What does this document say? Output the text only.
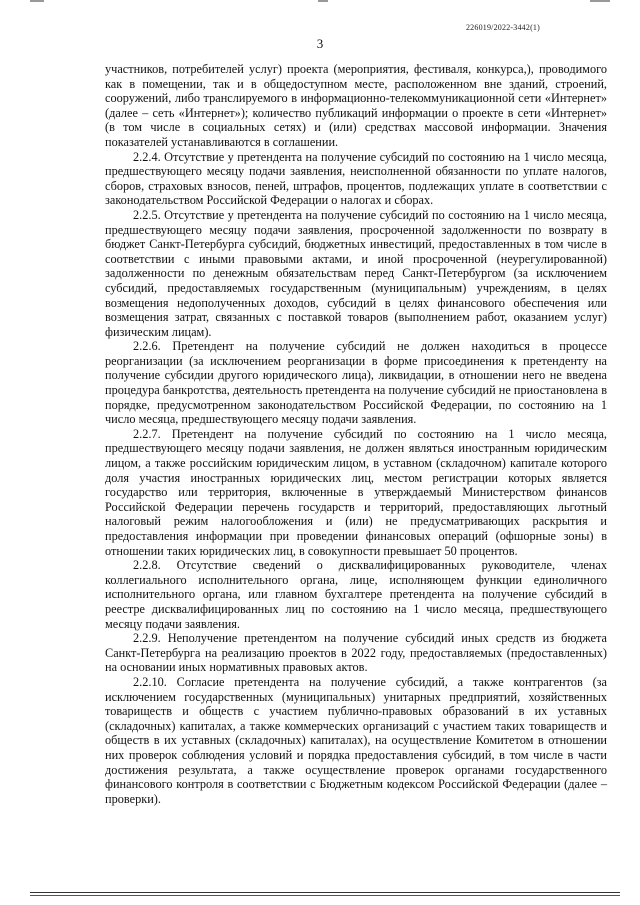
226019/2022-3442(1)
3

участников, потребителей услуг) проекта (мероприятия, фестиваля, конкурса,), проводимого как в помещении, так и в общедоступном месте, расположенном вне зданий, строений, сооружений, либо транслируемого в информационно-телекоммуникационной сети «Интернет» (далее – сеть «Интернет»); количество публикаций информации о проекте в сети «Интернет» (в том числе в социальных сетях) и (или) средствах массовой информации. Значения показателей устанавливаются в соглашении.

2.2.4. Отсутствие у претендента на получение субсидий по состоянию на 1 число месяца, предшествующего месяцу подачи заявления, неисполненной обязанности по уплате налогов, сборов, страховых взносов, пеней, штрафов, процентов, подлежащих уплате в соответствии с законодательством Российской Федерации о налогах и сборах.

2.2.5. Отсутствие у претендента на получение субсидий по состоянию на 1 число месяца, предшествующего месяцу подачи заявления, просроченной задолженности по возврату в бюджет Санкт-Петербурга субсидий, бюджетных инвестиций, предоставленных в том числе в соответствии с иными правовыми актами, и иной просроченной (неурегулированной) задолженности по денежным обязательствам перед Санкт-Петербургом (за исключением субсидий, предоставляемых государственным (муниципальным) учреждениям, в целях возмещения недополученных доходов, субсидий в целях финансового обеспечения или возмещения затрат, связанных с поставкой товаров (выполнением работ, оказанием услуг) физическим лицам).

2.2.6. Претендент на получение субсидий не должен находиться в процессе реорганизации (за исключением реорганизации в форме присоединения к претенденту на получение субсидии другого юридического лица), ликвидации, в отношении него не введена процедура банкротства, деятельность претендента на получение субсидий не приостановлена в порядке, предусмотренном законодательством Российской Федерации, по состоянию на 1 число месяца, предшествующего месяцу подачи заявления.

2.2.7. Претендент на получение субсидий по состоянию на 1 число месяца, предшествующего месяцу подачи заявления, не должен являться иностранным юридическим лицом, а также российским юридическим лицом, в уставном (складочном) капитале которого доля участия иностранных юридических лиц, местом регистрации которых является государство или территория, включенные в утверждаемый Министерством финансов Российской Федерации перечень государств и территорий, предоставляющих льготный налоговый режим налогообложения и (или) не предусматривающих раскрытия и предоставления информации при проведении финансовых операций (офшорные зоны) в отношении таких юридических лиц, в совокупности превышает 50 процентов.

2.2.8. Отсутствие сведений о дисквалифицированных руководителе, членах коллегиального исполнительного органа, лице, исполняющем функции единоличного исполнительного органа, или главном бухгалтере претендента на получение субсидий в реестре дисквалифицированных лиц по состоянию на 1 число месяца, предшествующего месяцу подачи заявления.

2.2.9. Неполучение претендентом на получение субсидий иных средств из бюджета Санкт-Петербурга на реализацию проектов в 2022 году, предоставляемых (предоставленных) на основании иных нормативных правовых актов.

2.2.10. Согласие претендента на получение субсидий, а также контрагентов (за исключением государственных (муниципальных) унитарных предприятий, хозяйственных товариществ и обществ с участием публично-правовых образований в их уставных (складочных) капиталах, а также коммерческих организаций с участием таких товариществ и обществ в их уставных (складочных) капиталах), на осуществление Комитетом в отношении них проверок соблюдения условий и порядка предоставления субсидий, в том числе в части достижения результата, а также осуществление проверок органами государственного финансового контроля в соответствии с Бюджетным кодексом Российской Федерации (далее – проверки).
